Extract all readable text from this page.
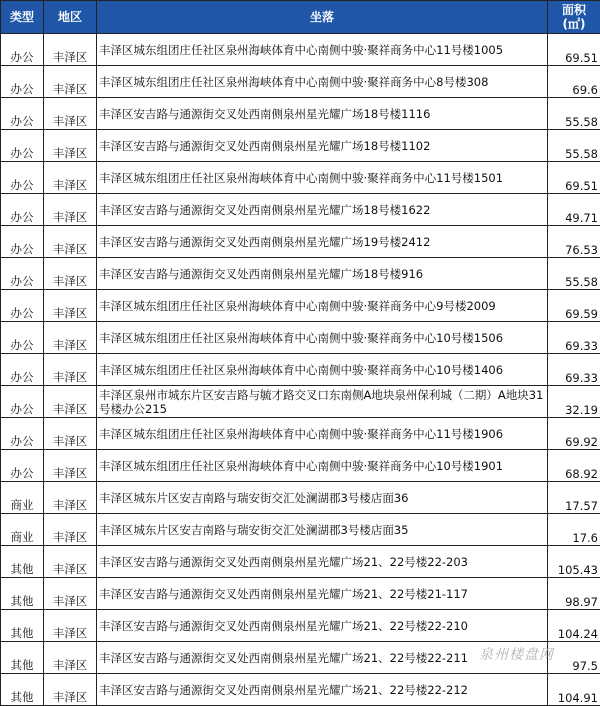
类型	地区	坐落	面积
(㎡)
办公	丰泽区	丰泽区城东组团庄任社区泉州海峡体育中心南侧中骏·聚祥商务中心11号楼1005	69.51
办公	丰泽区	丰泽区城东组团庄任社区泉州海峡体育中心南侧中骏·聚祥商务中心8号楼308	69.6
办公	丰泽区	丰泽区安吉路与通源街交叉处西南侧泉州星光耀广场18号楼1116	55.58
办公	丰泽区	丰泽区安吉路与通源街交叉处西南侧泉州星光耀广场18号楼1102	55.58
办公	丰泽区	丰泽区城东组团庄任社区泉州海峡体育中心南侧中骏·聚祥商务中心11号楼1501	69.51
办公	丰泽区	丰泽区安吉路与通源街交叉处西南侧泉州星光耀广场18号楼1622	49.71
办公	丰泽区	丰泽区安吉路与通源街交叉处西南侧泉州星光耀广场19号楼2412	76.53
办公	丰泽区	丰泽区安吉路与通源街交叉处西南侧泉州星光耀广场18号楼916	55.58
办公	丰泽区	丰泽区城东组团庄任社区泉州海峡体育中心南侧中骏·聚祥商务中心9号楼2009	69.59
办公	丰泽区	丰泽区城东组团庄任社区泉州海峡体育中心南侧中骏·聚祥商务中心10号楼1506	69.33
办公	丰泽区	丰泽区城东组团庄任社区泉州海峡体育中心南侧中骏·聚祥商务中心10号楼1406	69.33
办公	丰泽区	丰泽区泉州市城东片区安吉路与毓才路交叉口东南侧A地块泉州保利城（二期）A地块31号楼办公215	32.19
办公	丰泽区	丰泽区城东组团庄任社区泉州海峡体育中心南侧中骏·聚祥商务中心11号楼1906	69.92
办公	丰泽区	丰泽区城东组团庄任社区泉州海峡体育中心南侧中骏·聚祥商务中心10号楼1901	68.92
商业	丰泽区	丰泽区城东片区安吉南路与瑞安街交汇处澜湖郡3号楼店面36	17.57
商业	丰泽区	丰泽区城东片区安吉南路与瑞安街交汇处澜湖郡3号楼店面35	17.6
其他	丰泽区	丰泽区安吉路与通源街交叉处西南侧泉州星光耀广场21、22号楼22-203	105.43
其他	丰泽区	丰泽区安吉路与通源街交叉处西南侧泉州星光耀广场21、22号楼21-117	98.97
其他	丰泽区	丰泽区安吉路与通源街交叉处西南侧泉州星光耀广场21、22号楼22-210	104.24
其他	丰泽区	丰泽区安吉路与通源街交叉处西南侧泉州星光耀广场21、22号楼22-211	97.5
其他	丰泽区	丰泽区安吉路与通源街交叉处西南侧泉州星光耀广场21、22号楼22-212	104.91
泉州楼盘网
